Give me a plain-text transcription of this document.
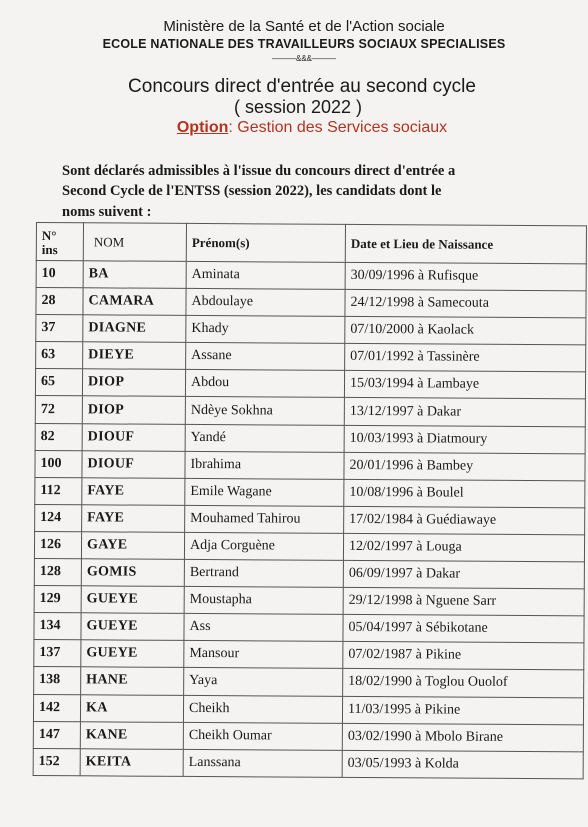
Ministère de la Santé et de l'Action sociale
ECOLE NATIONALE DES TRAVAILLEURS SOCIAUX SPECIALISES
———&&&———
Concours direct d'entrée au second cycle
( session 2022 )
Option: Gestion des Services sociaux
Sont déclarés admissibles à l'issue du concours direct d'entrée a
Second Cycle de l'ENTSS (session 2022), les candidats dont le
noms suivent :
N°
ins	NOM	Prénom(s)	Date et Lieu de Naissance
10	BA	Aminata	30/09/1996 à Rufisque
28	CAMARA	Abdoulaye	24/12/1998 à Samecouta
37	DIAGNE	Khady	07/10/2000 à Kaolack
63	DIEYE	Assane	07/01/1992 à Tassinère
65	DIOP	Abdou	15/03/1994 à Lambaye
72	DIOP	Ndèye Sokhna	13/12/1997 à Dakar
82	DIOUF	Yandé	10/03/1993 à Diatmoury
100	DIOUF	Ibrahima	20/01/1996 à Bambey
112	FAYE	Emile Wagane	10/08/1996 à Boulel
124	FAYE	Mouhamed Tahirou	17/02/1984 à Guédiawaye
126	GAYE	Adja Corguène	12/02/1997 à Louga
128	GOMIS	Bertrand	06/09/1997 à Dakar
129	GUEYE	Moustapha	29/12/1998 à Nguene Sarr
134	GUEYE	Ass	05/04/1997 à Sébikotane
137	GUEYE	Mansour	07/02/1987 à Pikine
138	HANE	Yaya	18/02/1990 à Toglou Ouolof
142	KA	Cheikh	11/03/1995 à Pikine
147	KANE	Cheikh Oumar	03/02/1990 à Mbolo Birane
152	KEITA	Lanssana	03/05/1993 à Kolda
